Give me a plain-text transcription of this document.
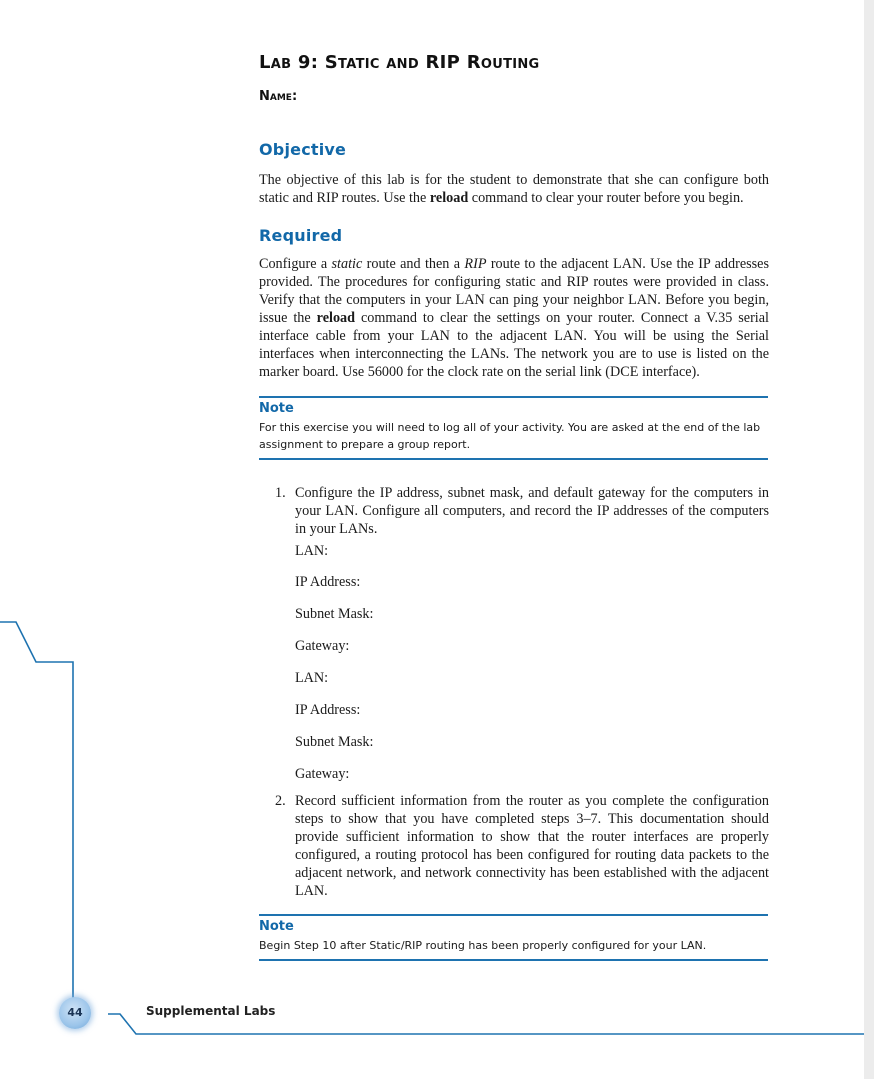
Lab 9: Static and RIP Routing
Name:
Objective

The objective of this lab is for the student to demonstrate that she can configure both static and RIP routes. Use the reload command to clear your router before you begin.

Required

Configure a static route and then a RIP route to the adjacent LAN. Use the IP addresses provided. The procedures for configuring static and RIP routes were provided in class. Verify that the computers in your LAN can ping your neighbor LAN. Before you begin, issue the reload command to clear the settings on your router. Connect a V.35 serial interface cable from your LAN to the adjacent LAN. You will be using the Serial interfaces when interconnecting the LANs. The network you are to use is listed on the marker board. Use 56000 for the clock rate on the serial link (DCE interface).

Note
For this exercise you will need to log all of your activity. You are asked at the end of the lab assignment to prepare a group report.
1. Configure the IP address, subnet mask, and default gateway for the computers in your LAN. Configure all computers, and record the IP addresses of the computers in your LANs.
LAN:
IP Address:
Subnet Mask:
Gateway:
LAN:
IP Address:
Subnet Mask:
Gateway:
2. Record sufficient information from the router as you complete the configuration steps to show that you have completed steps 3–7. This documentation should provide sufficient information to show that the router interfaces are properly configured, a routing protocol has been configured for routing data packets to the adjacent network, and network connectivity has been established with the adjacent LAN.
Note
Begin Step 10 after Static/RIP routing has been properly configured for your LAN.
44	Supplemental Labs
